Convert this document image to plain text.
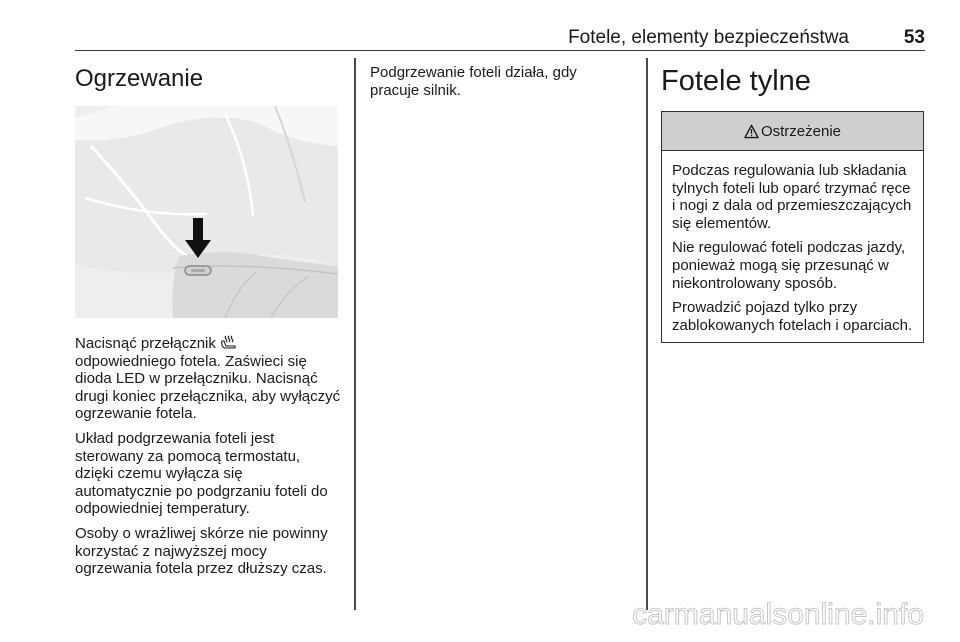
Fotele, elementy bezpieczeństwa	53
Ogrzewanie

Nacisnąć przełącznik
odpowiedniego fotela. Zaświeci się dioda LED w przełączniku. Nacisnąć drugi koniec przełącznika, aby wyłączyć ogrzewanie fotela.

Układ podgrzewania foteli jest sterowany za pomocą termostatu, dzięki czemu wyłącza się automatycznie po podgrzaniu foteli do odpowiedniej temperatury.

Osoby o wrażliwej skórze nie powinny korzystać z najwyższej mocy ogrzewania fotela przez dłuższy czas.

Podgrzewanie foteli działa, gdy pracuje silnik.	Fotele tylne
Ostrzeżenie

Podczas regulowania lub składania tylnych foteli lub oparć trzymać ręce i nogi z dala od przemieszczających się elementów.

Nie regulować foteli podczas jazdy, ponieważ mogą się przesunąć w niekontrolowany sposób.

Prowadzić pojazd tylko przy zablokowanych fotelach i oparciach.

carmanualsonline.info
